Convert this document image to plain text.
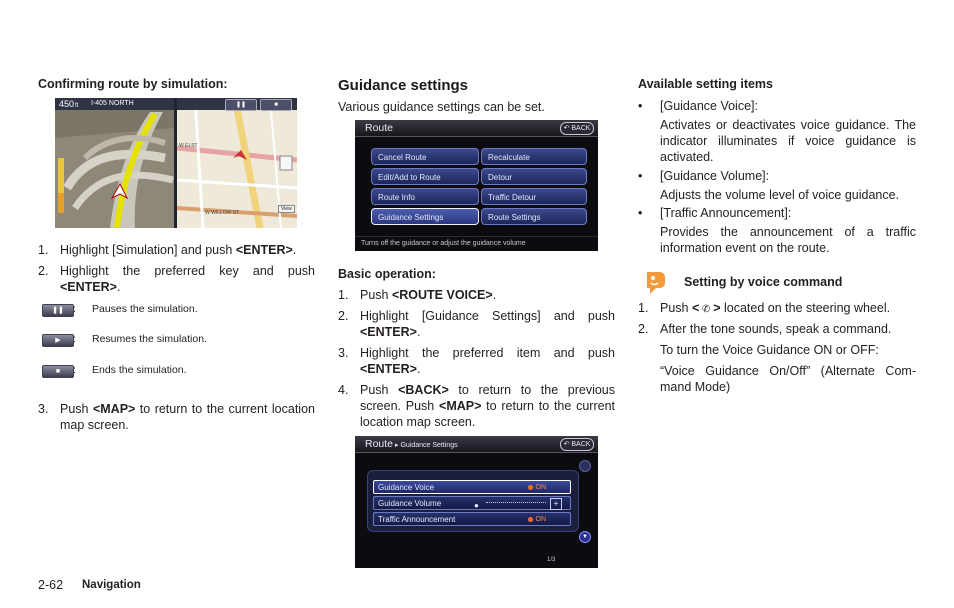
Confirming route by simulation:
450ft I-405 NORTH
W ELST
W WILLOW ST
View
❚❚	■
1. Highlight [Simulation] and push <ENTER>.
2. Highlight the preferred key and push <ENTER>.
❚❚ : Pauses the simulation.
▶	: Resumes the simulation.
■	: Ends the simulation.
3. Push <MAP> to return to the current location map screen.
Guidance settings
Various guidance settings can be set.
Route	↶ BACK
Cancel Route	Recalculate
Edit/Add to Route	Detour
Route Info	Traffic Detour
Guidance Settings	Route Settings
Turns off the guidance or adjust the guidance volume
Basic operation:
1. Push <ROUTE VOICE>.
2. Highlight [Guidance Settings] and push <ENTER>.
3. Highlight the preferred item and push <ENTER>.
4. Push <BACK> to return to the previous screen. Push <MAP> to return to the current location map screen.
Route ▸ Guidance Settings	↶ BACK
Guidance Voice	ON
Guidance Volume	●	+
Traffic Announcement	ON
▼
1/3
Available setting items
• [Guidance Voice]:
Activates or deactivates voice guidance. The indicator illuminates if voice guidance is activated.
• [Guidance Volume]:
Adjusts the volume level of voice guidance.
• [Traffic Announcement]:
Provides the announcement of a traffic information event on the route.
Setting by voice command
1. Push < ✆ > located on the steering wheel.
2. After the tone sounds, speak a command.
To turn the Voice Guidance ON or OFF:
“Voice Guidance On/Off” (Alternate Com-mand Mode)
2-62 Navigation
